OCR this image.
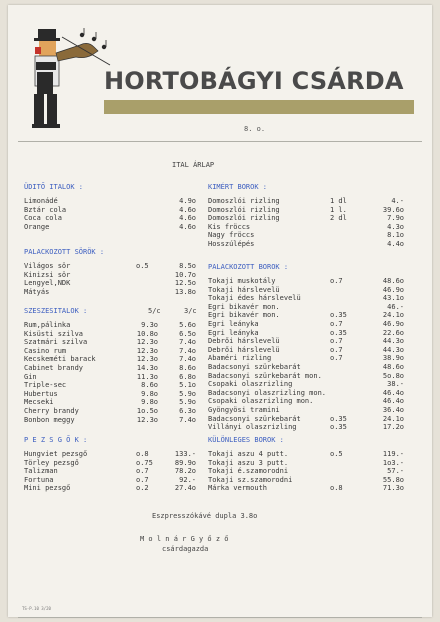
HORTOBÁGYI CSÁRDA
8. o.
ITAL ÁRLAP
ÜDITŐ ITALOK :
Limonádé	4.9o
Bztár cola	4.6o
Coca cola	4.6o
Orange	4.6o
PALACKOZOTT SÖRÖK :
Világos sör	o.5	8.5o
Kinizsi sör	10.7o
Lengyel,NDK	12.5o
Mátyás	13.8o
SZESZESITALOK :	5/c	3/c
Rum,pálinka	9.3o	5.6o
Kisüsti szilva	10.8o	6.5o
Szatmári szilva	12.3o	7.4o
Casino rum	12.3o	7.4o
Kecskeméti barack	12.3o	7.4o
Cabinet brandy	14.3o	8.6o
Gin	11.3o	6.8o
Triple-sec	8.6o	5.1o
Hubertus	9.8o	5.9o
Mecseki	9.8o	5.9o
Cherry brandy	1o.5o	6.3o
Bonbon meggy	12.3o	7.4o
P E Z S G Ő K :
Hungviet pezsgő	o.8	133.-
Törley pezsgő	o.75	89.9o
Talizman	o.7	78.2o
Fortuna	o.7	92.-
Mini pezsgő	o.2	27.4o
KIMÉRT BOROK :
Domoszlói rizling	1 dl	4.-
Domoszlói rizling	1 l.	39.6o
Domoszlói rizling	2 dl	7.9o
Kis fröccs	4.3o
Nagy fröccs	8.1o
Hosszúlépés	4.4o
PALACKOZOTT BOROK :
Tokaji muskotály	o.7	48.6o
Tokaji hárslevelü	46.9o
Tokaji édes hárslevelü	43.1o
Egri bikavér mon.	46.-
Egri bikavér mon.	o.35	24.1o
Egri leányka	o.7	46.9o
Egri leányka	o.35	22.6o
Debrői hárslevelü	o.7	44.3o
Debrői hárslevelü	o.7	44.3o
Abaméri rizling	o.7	38.9o
Badacsonyi szürkebarát	48.6o
Badacsonyi szürkebarát mon.	5o.8o
Csopaki olaszrizling	38.-
Badacsonyi olaszrizling mon.	46.4o
Csopaki olaszrizling mon.	46.4o
Gyöngyösi tramini	36.4o
Badacsonyi szürkebarát	o.35	24.1o
Villányi olaszrizling	o.35	17.2o
KÜLÖNLEGES BOROK :
Tokaji aszu 4 putt.	o.5	119.-
Tokaji aszu 3 putt.	1o3.-
Tokaji é.szamorodni	57.-
Tokaji sz.szamorodni	55.8o
Márka vermouth	o.8	71.3o
Eszpresszókávé dupla 3.8o
M o l n á r G y ő z ő
csárdagazda
TS-P.10 3/20
